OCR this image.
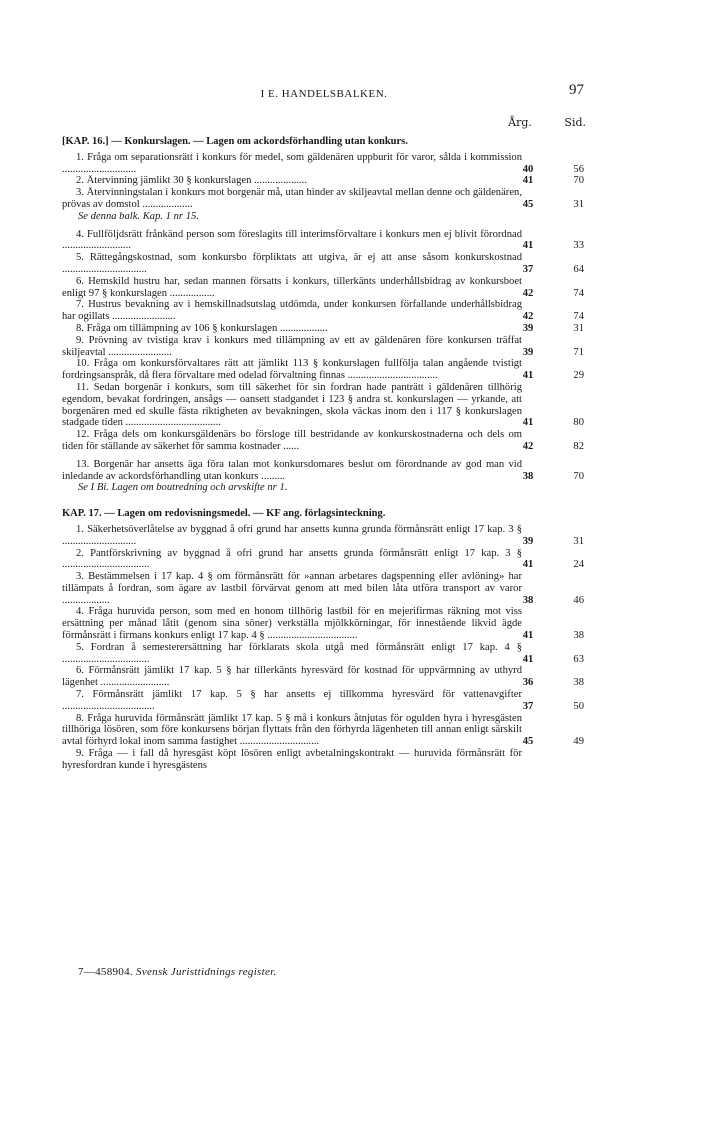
I E. HANDELSBALKEN.	97
Årg.	Sid.
[KAP. 16.] — Konkurslagen. — Lagen om ackordsförhandling utan konkurs.
1. Fråga om separationsrätt i konkurs för medel, som gäldenären uppburit för varor, sålda i kommission ............................	40	56
2. Återvinning jämlikt 30 § konkurslagen ....................	41	70
3. Återvinningstalan i konkurs mot borgenär må, utan hinder av skiljeavtal mellan denne och gäldenären, prövas av domstol ...................	45	31
Se denna balk. Kap. 1 nr 15.
4. Fullföljdsrätt frånkänd person som föreslagits till interimsförvaltare i konkurs men ej blivit förordnad ..........................	41	33
5. Rättegångskostnad, som konkursbo förpliktats att utgiva, är ej att anse såsom konkurskostnad ................................	37	64
6. Hemskild hustru har, sedan mannen försatts i konkurs, tillerkänts underhållsbidrag av konkursboet enligt 97 § konkurslagen .................	42	74
7. Hustrus bevakning av i hemskillnadsutslag utdömda, under konkursen förfallande underhållsbidrag har ogillats ........................	42	74
8. Fråga om tillämpning av 106 § konkurslagen ..................	39	31
9. Prövning av tvistiga krav i konkurs med tillämpning av ett av gäldenären före konkursen träffat skiljeavtal ........................	39	71
10. Fråga om konkursförvaltares rätt att jämlikt 113 § konkurslagen fullfölja talan angående tvistigt fordringsanspråk, då flera förvaltare med odelad förvaltning finnas ..................................	41	29
11. Sedan borgenär i konkurs, som till säkerhet för sin fordran hade panträtt i gäldenären tillhörig egendom, bevakat fordringen, ansågs — oansett stadgandet i 123 § andra st. konkurslagen — yrkande, att borgenären med ed skulle fästa riktigheten av bevakningen, skola väckas inom den i 117 § konkurslagen stadgade tiden ....................................	41	80
12. Fråga dels om konkursgäldenärs bo försloge till bestridande av konkurskostnaderna och dels om tiden för ställande av säkerhet för samma kostnader ......	42	82
13. Borgenär har ansetts äga föra talan mot konkursdomares beslut om förordnande av god man vid inledande av ackordsförhandling utan konkurs .........	38	70
Se I Bi. Lagen om boutredning och arvskifte nr 1.
KAP. 17. — Lagen om redovisningsmedel. — KF ang. förlagsinteckning.
1. Säkerhetsöverlåtelse av byggnad å ofri grund har ansetts kunna grunda förmånsrätt enligt 17 kap. 3 § ............................	39	31
2. Pantförskrivning av byggnad å ofri grund har ansetts grunda förmånsrätt enligt 17 kap. 3 § .................................	41	24
3. Bestämmelsen i 17 kap. 4 § om förmånsrätt för »annan arbetares dagspenning eller avlöning» har tillämpats å fordran, som ägare av lastbil förvärvat genom att med bilen låta utföra transport av varor ..................	38	46
4. Fråga huruvida person, som med en honom tillhörig lastbil för en mejerifirmas räkning mot viss ersättning per månad låtit (genom sina söner) verkställa mjölkkörningar, för innestående likvid ägde förmånsrätt i firmans konkurs enligt 17 kap. 4 § ..................................	41	38
5. Fordran å semesterersättning har förklarats skola utgå med förmånsrätt enligt 17 kap. 4 § .................................	41	63
6. Förmånsrätt jämlikt 17 kap. 5 § har tillerkänts hyresvärd för kostnad för uppvärmning av uthyrd lägenhet ..........................	36	38
7. Förmånsrätt jämlikt 17 kap. 5 § har ansetts ej tillkomma hyresvärd för vattenavgifter ...................................	37	50
8. Fråga huruvida förmånsrätt jämlikt 17 kap. 5 § må i konkurs åtnjutas för ogulden hyra i hyresgästen tillhöriga lösören, som före konkursens början flyttats från den förhyrda lägenheten till annan enligt särskilt avtal förhyrd lokal inom samma fastighet ..............................	45	49
9. Fråga — i fall då hyresgäst köpt lösören enligt avbetalningskontrakt — huruvida förmånsrätt för hyresfordran kunde i hyresgästens
7—458904. Svensk Juristtidnings register.
